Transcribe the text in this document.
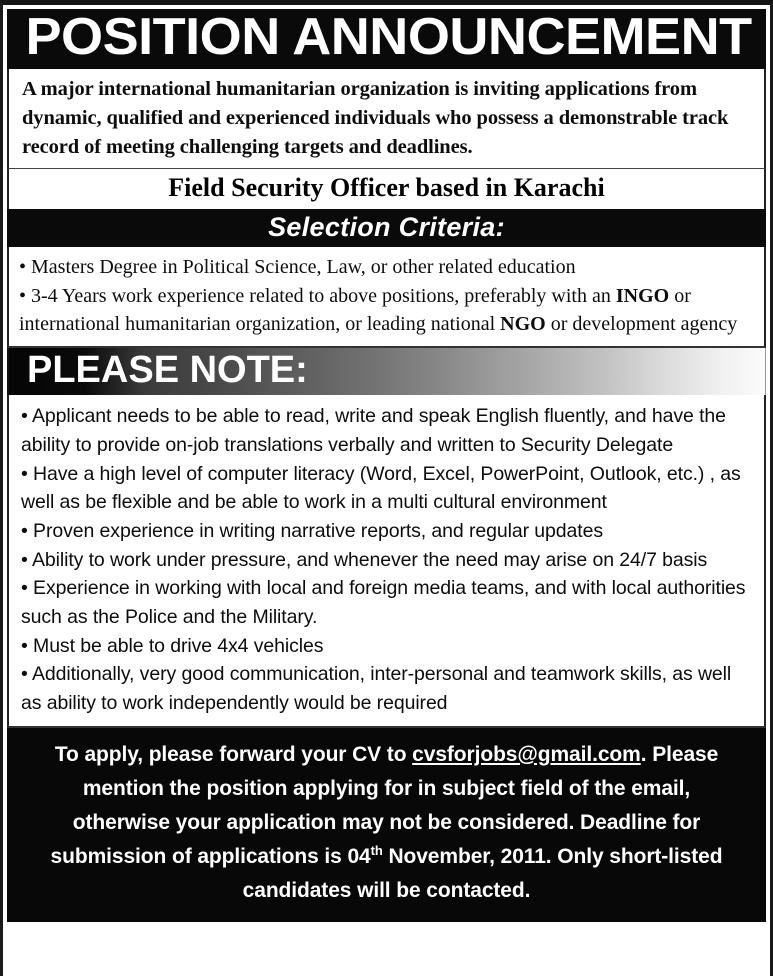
POSITION ANNOUNCEMENT
A major international humanitarian organization is inviting applications from dynamic, qualified and experienced individuals who possess a demonstrable track record of meeting challenging targets and deadlines.
Field Security Officer based in Karachi
Selection Criteria:
• Masters Degree in Political Science, Law, or other related education
• 3-4 Years work experience related to above positions, preferably with an INGO or international humanitarian organization, or leading national NGO or development agency
PLEASE NOTE:
• Applicant needs to be able to read, write and speak English fluently, and have the ability to provide on-job translations verbally and written to Security Delegate
• Have a high level of computer literacy (Word, Excel, PowerPoint, Outlook, etc.) , as well as be flexible and be able to work in a multi cultural environment
• Proven experience in writing narrative reports, and regular updates
• Ability to work under pressure, and whenever the need may arise on 24/7 basis
• Experience in working with local and foreign media teams, and with local authorities such as the Police and the Military.
• Must be able to drive 4x4 vehicles
• Additionally, very good communication, inter-personal and teamwork skills, as well as ability to work independently would be required
To apply, please forward your CV to cvsforjobs@gmail.com. Please mention the position applying for in subject field of the email, otherwise your application may not be considered. Deadline for submission of applications is 04th November, 2011. Only short-listed candidates will be contacted.
